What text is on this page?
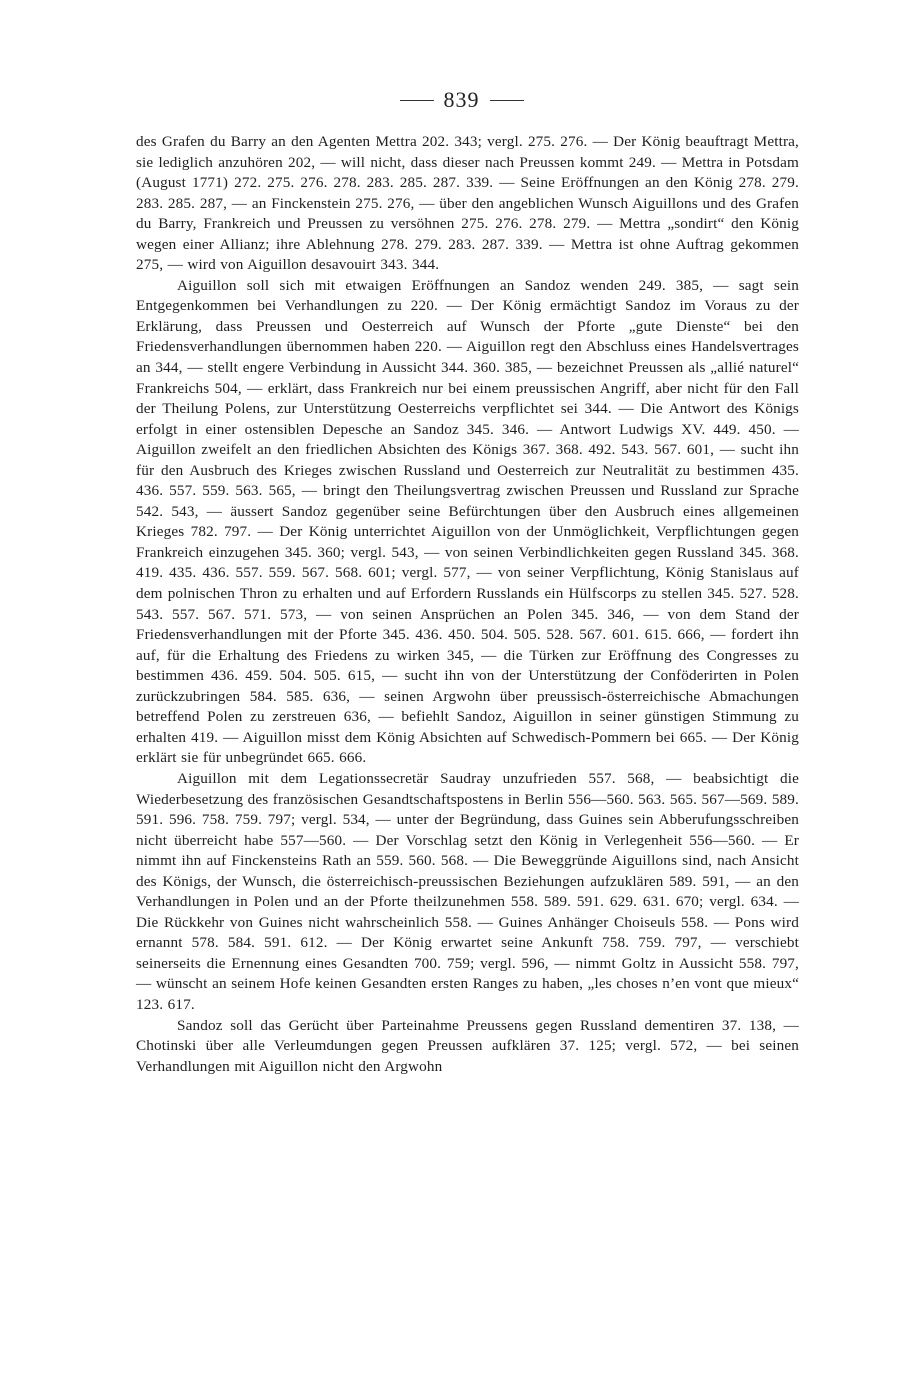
839

des Grafen du Barry an den Agenten Mettra 202. 343; vergl. 275. 276. — Der König beauftragt Mettra, sie lediglich anzuhören 202, — will nicht, dass dieser nach Preussen kommt 249. — Mettra in Potsdam (August 1771) 272. 275. 276. 278. 283. 285. 287. 339. — Seine Eröffnungen an den König 278. 279. 283. 285. 287, — an Finckenstein 275. 276, — über den angeblichen Wunsch Aiguillons und des Grafen du Barry, Frankreich und Preussen zu versöhnen 275. 276. 278. 279. — Mettra „sondirt“ den König wegen einer Allianz; ihre Ablehnung 278. 279. 283. 287. 339. — Mettra ist ohne Auftrag gekommen 275, — wird von Aiguillon desavouirt 343. 344.

Aiguillon soll sich mit etwaigen Eröffnungen an Sandoz wenden 249. 385, — sagt sein Entgegenkommen bei Verhandlungen zu 220. — Der König ermächtigt Sandoz im Voraus zu der Erklärung, dass Preussen und Oesterreich auf Wunsch der Pforte „gute Dienste“ bei den Friedensverhandlungen übernommen haben 220. — Aiguillon regt den Abschluss eines Handelsvertrages an 344, — stellt engere Verbindung in Aussicht 344. 360. 385, — bezeichnet Preussen als „allié naturel“ Frankreichs 504, — erklärt, dass Frankreich nur bei einem preussischen Angriff, aber nicht für den Fall der Theilung Polens, zur Unterstützung Oesterreichs verpflichtet sei 344. — Die Antwort des Königs erfolgt in einer ostensiblen Depesche an Sandoz 345. 346. — Antwort Ludwigs XV. 449. 450. — Aiguillon zweifelt an den friedlichen Absichten des Königs 367. 368. 492. 543. 567. 601, — sucht ihn für den Ausbruch des Krieges zwischen Russland und Oesterreich zur Neutralität zu bestimmen 435. 436. 557. 559. 563. 565, — bringt den Theilungsvertrag zwischen Preussen und Russland zur Sprache 542. 543, — äussert Sandoz gegenüber seine Befürchtungen über den Ausbruch eines allgemeinen Krieges 782. 797. — Der König unterrichtet Aiguillon von der Unmöglichkeit, Verpflichtungen gegen Frankreich einzugehen 345. 360; vergl. 543, — von seinen Verbindlichkeiten gegen Russland 345. 368. 419. 435. 436. 557. 559. 567. 568. 601; vergl. 577, — von seiner Verpflichtung, König Stanislaus auf dem polnischen Thron zu erhalten und auf Erfordern Russlands ein Hülfscorps zu stellen 345. 527. 528. 543. 557. 567. 571. 573, — von seinen Ansprüchen an Polen 345. 346, — von dem Stand der Friedensverhandlungen mit der Pforte 345. 436. 450. 504. 505. 528. 567. 601. 615. 666, — fordert ihn auf, für die Erhaltung des Friedens zu wirken 345, — die Türken zur Eröffnung des Congresses zu bestimmen 436. 459. 504. 505. 615, — sucht ihn von der Unterstützung der Conföderirten in Polen zurückzubringen 584. 585. 636, — seinen Argwohn über preussisch-österreichische Abmachungen betreffend Polen zu zerstreuen 636, — befiehlt Sandoz, Aiguillon in seiner günstigen Stimmung zu erhalten 419. — Aiguillon misst dem König Absichten auf Schwedisch-Pommern bei 665. — Der König erklärt sie für unbegründet 665. 666.

Aiguillon mit dem Legationssecretär Saudray unzufrieden 557. 568, — beabsichtigt die Wiederbesetzung des französischen Gesandtschaftspostens in Berlin 556—560. 563. 565. 567—569. 589. 591. 596. 758. 759. 797; vergl. 534, — unter der Begründung, dass Guines sein Abberufungsschreiben nicht überreicht habe 557—560. — Der Vorschlag setzt den König in Verlegenheit 556—560. — Er nimmt ihn auf Finckensteins Rath an 559. 560. 568. — Die Beweggründe Aiguillons sind, nach Ansicht des Königs, der Wunsch, die österreichisch-preussischen Beziehungen aufzuklären 589. 591, — an den Verhandlungen in Polen und an der Pforte theilzunehmen 558. 589. 591. 629. 631. 670; vergl. 634. — Die Rückkehr von Guines nicht wahrscheinlich 558. — Guines Anhänger Choiseuls 558. — Pons wird ernannt 578. 584. 591. 612. — Der König erwartet seine Ankunft 758. 759. 797, — verschiebt seinerseits die Ernennung eines Gesandten 700. 759; vergl. 596, — nimmt Goltz in Aussicht 558. 797, — wünscht an seinem Hofe keinen Gesandten ersten Ranges zu haben, „les choses n’en vont que mieux“ 123. 617.

Sandoz soll das Gerücht über Parteinahme Preussens gegen Russland dementiren 37. 138, — Chotinski über alle Verleumdungen gegen Preussen aufklären 37. 125; vergl. 572, — bei seinen Verhandlungen mit Aiguillon nicht den Argwohn
